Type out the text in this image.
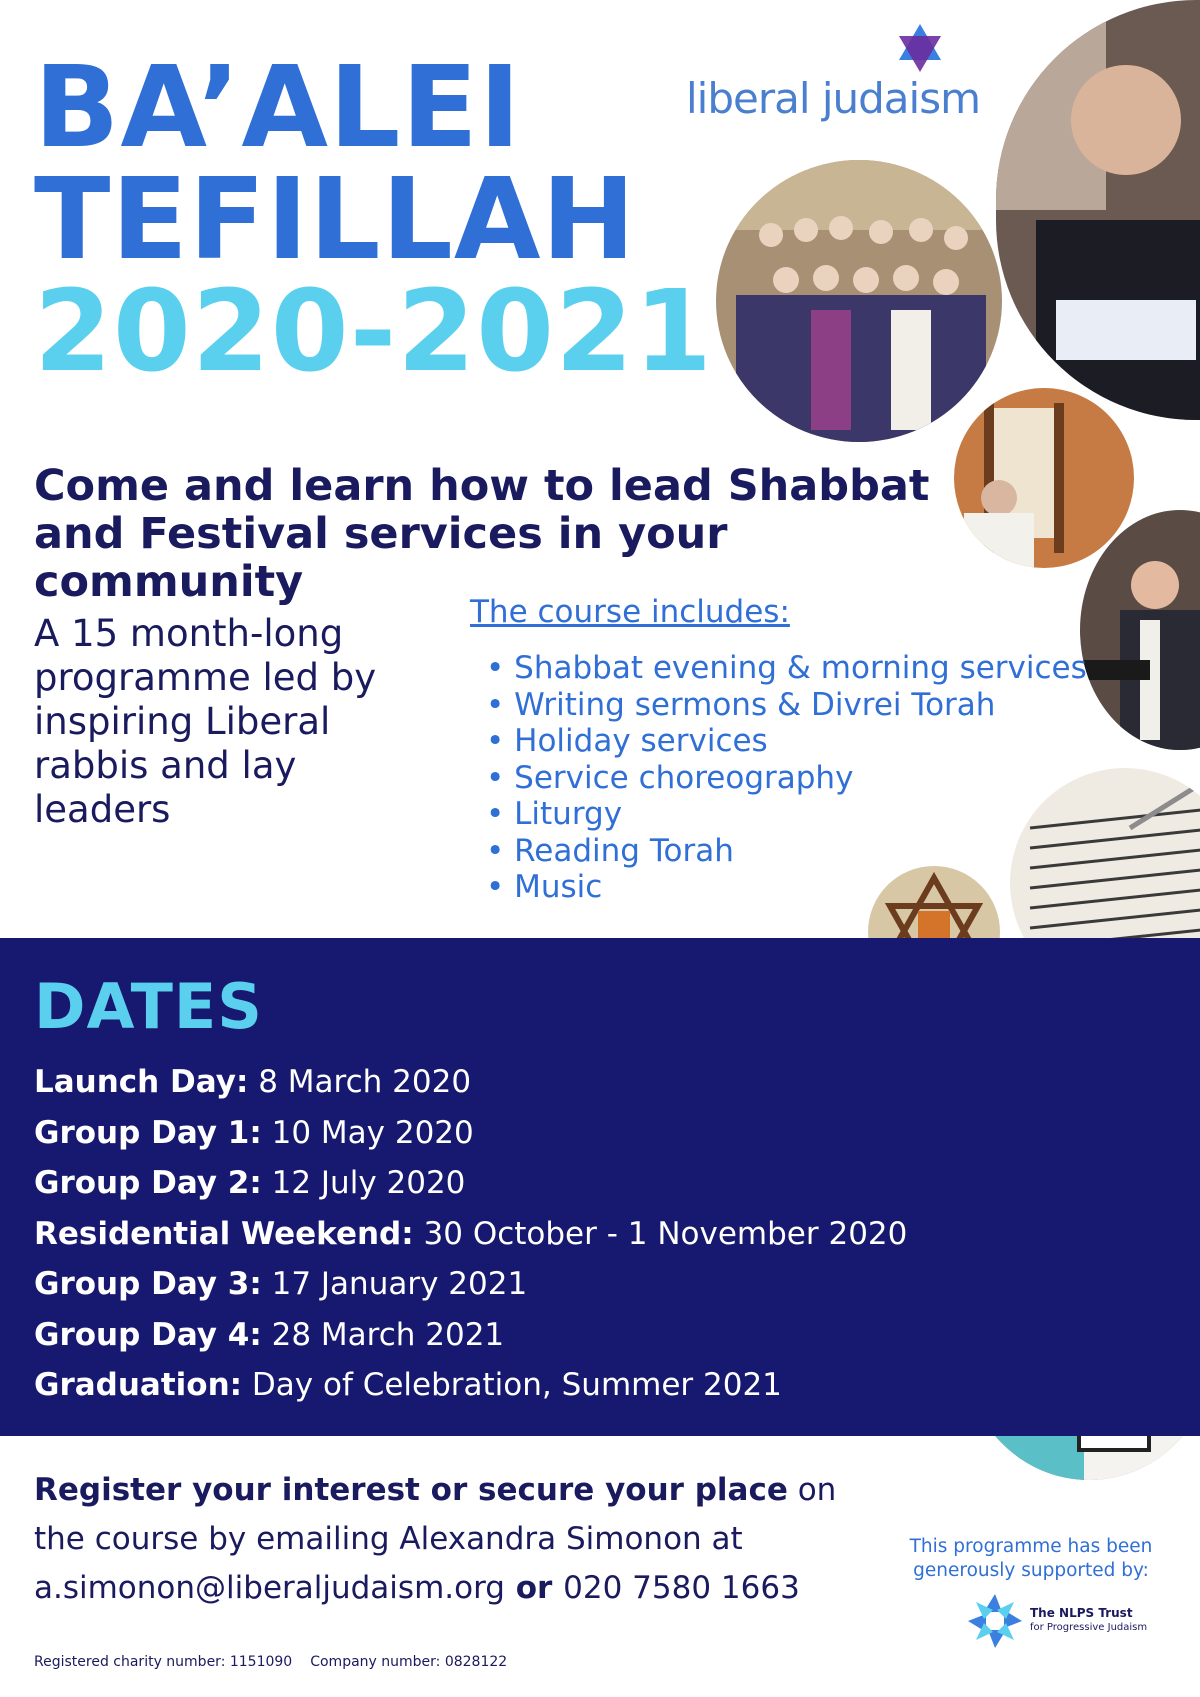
BA’ALEI
TEFILLAH
2020-2021
liberal judaism
Come and learn how to lead Shabbat and Festival services in your community
A 15 month-long programme led by inspiring Liberal rabbis and lay leaders
The course includes:
• Shabbat evening & morning services
• Writing sermons & Divrei Torah
• Holiday services
• Service choreography
• Liturgy
• Reading Torah
• Music
DATES
Launch Day: 8 March 2020
Group Day 1: 10 May 2020
Group Day 2: 12 July 2020
Residential Weekend: 30 October - 1 November 2020
Group Day 3: 17 January 2021
Group Day 4: 28 March 2021
Graduation: Day of Celebration, Summer 2021
Register your interest or secure your place on the course by emailing Alexandra Simonon at a.simonon@liberaljudaism.org or 020 7580 1663
This programme has been generously supported by:
The NLPS Trust
for Progressive Judaism
Registered charity number: 1151090 Company number: 0828122
